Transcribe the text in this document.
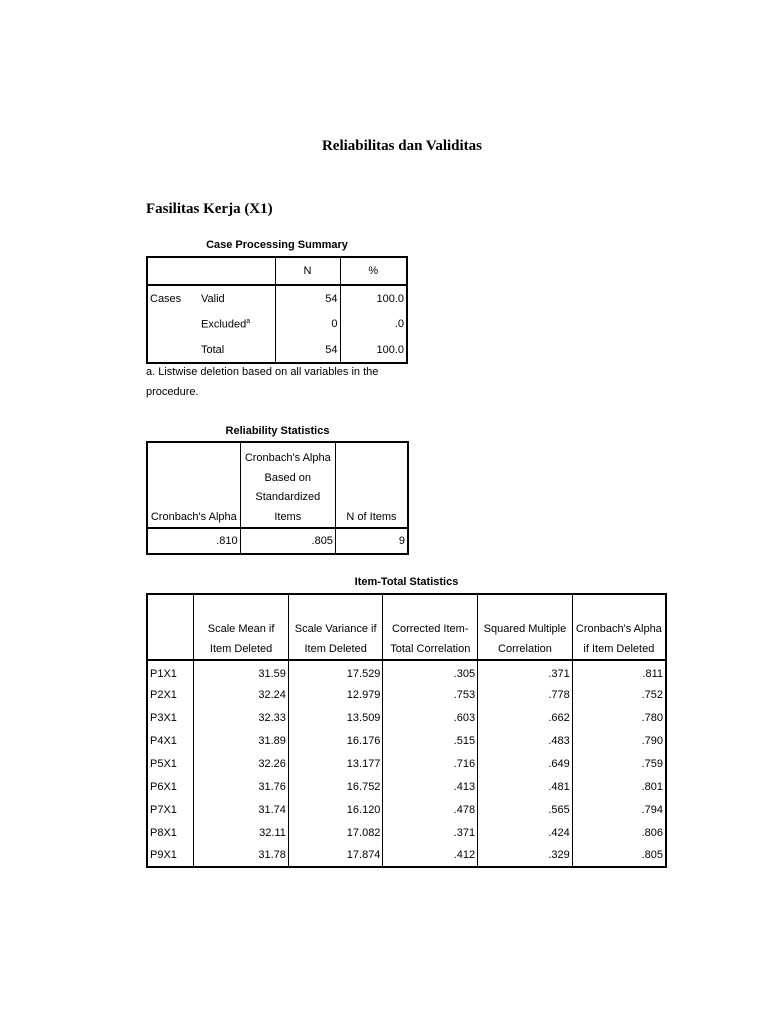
Reliabilitas dan Validitas
Fasilitas Kerja (X1)
Case Processing Summary
		N	%
Cases	Valid	54	100.0
	Excluded$^a$	0	.0
	Total	54	100.0
a. Listwise deletion based on all variables in the procedure.
Reliability Statistics
Cronbach's Alpha	Cronbach's Alpha Based on Standardized Items	N of Items
.810	.805	9
Item-Total Statistics
	Scale Mean if Item Deleted	Scale Variance if Item Deleted	Corrected Item-Total Correlation	Squared Multiple Correlation	Cronbach's Alpha if Item Deleted
P1X1	31.59	17.529	.305	.371	.811
P2X1	32.24	12.979	.753	.778	.752
P3X1	32.33	13.509	.603	.662	.780
P4X1	31.89	16.176	.515	.483	.790
P5X1	32.26	13.177	.716	.649	.759
P6X1	31.76	16.752	.413	.481	.801
P7X1	31.74	16.120	.478	.565	.794
P8X1	32.11	17.082	.371	.424	.806
P9X1	31.78	17.874	.412	.329	.805
